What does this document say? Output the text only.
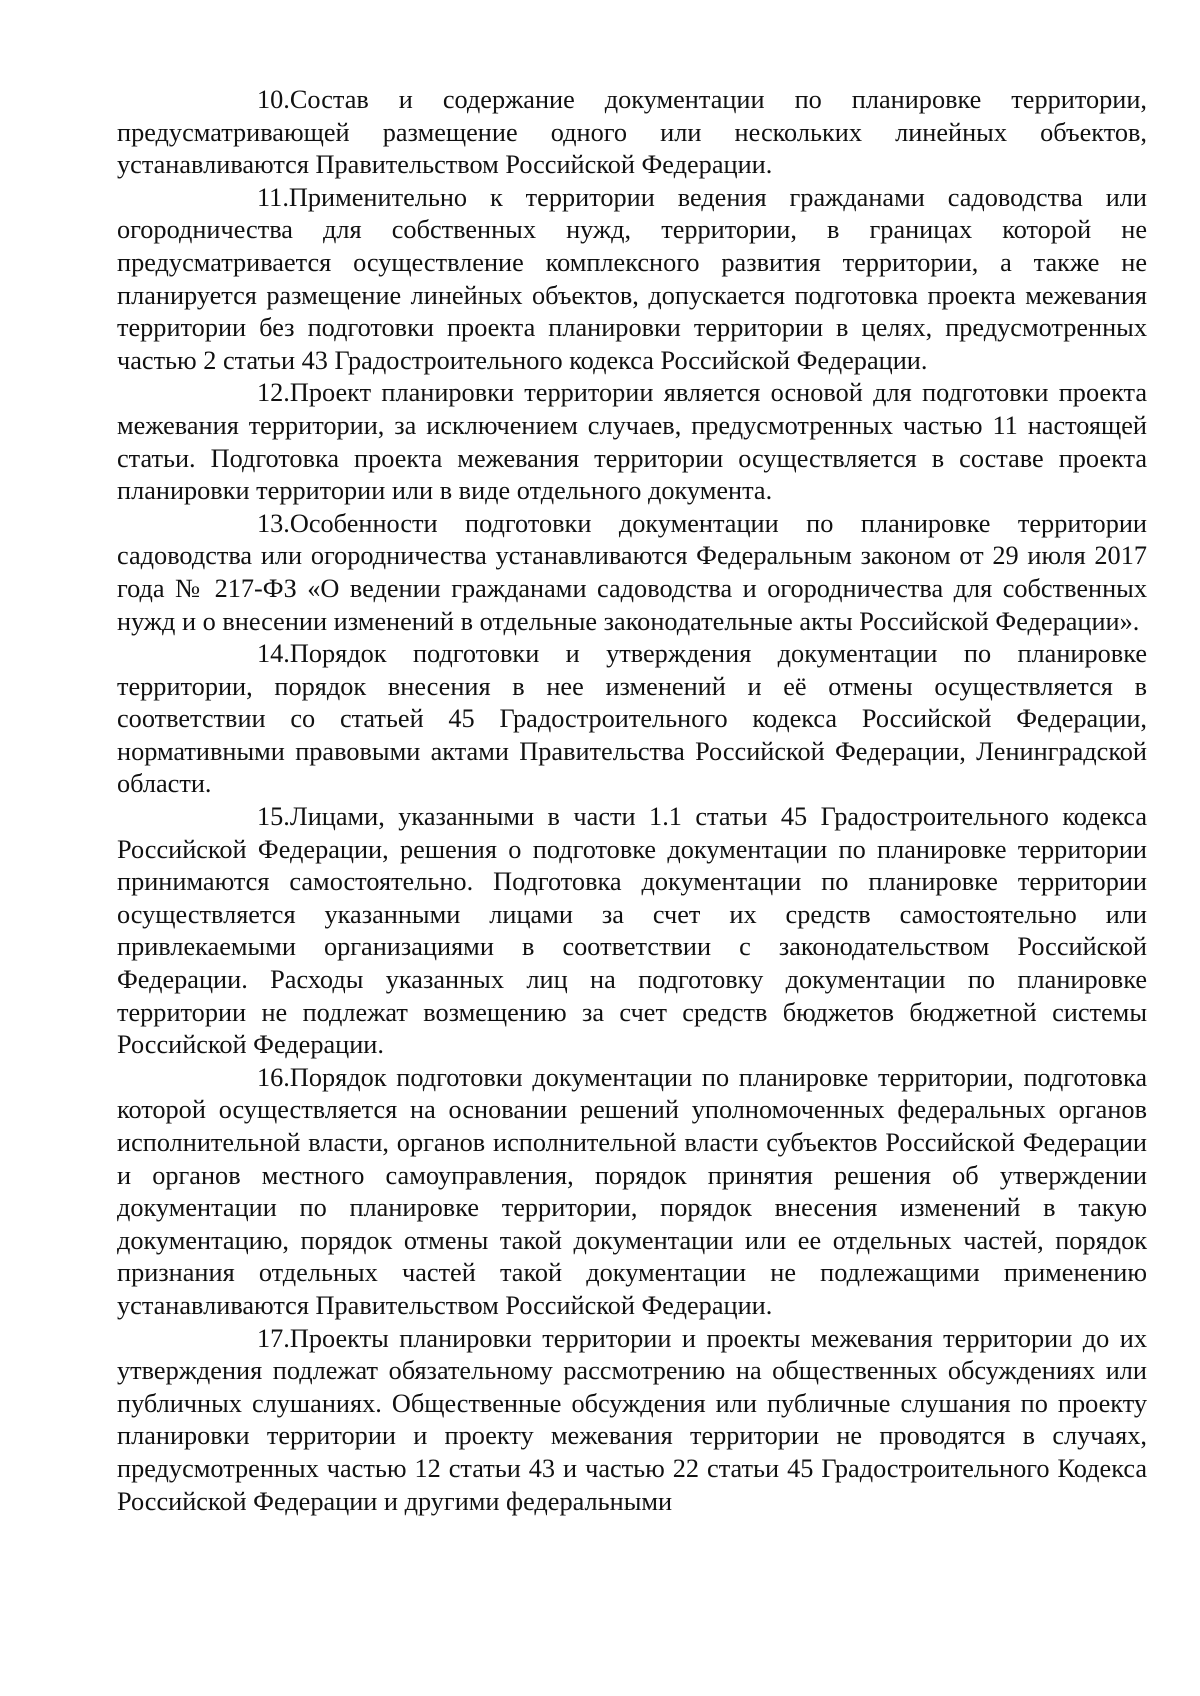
10.Состав и содержание документации по планировке территории, предусматривающей размещение одного или нескольких линейных объектов, устанавливаются Правительством Российской Федерации.

11.Применительно к территории ведения гражданами садоводства или огородничества для собственных нужд, территории, в границах которой не предусматривается осуществление комплексного развития территории, а также не планируется размещение линейных объектов, допускается подготовка проекта межевания территории без подготовки проекта планировки территории в целях, предусмотренных частью 2 статьи 43 Градостроительного кодекса Российской Федерации.

12.Проект планировки территории является основой для подготовки проекта межевания территории, за исключением случаев, предусмотренных частью 11 настоящей статьи. Подготовка проекта межевания территории осуществляется в составе проекта планировки территории или в виде отдельного документа.

13.Особенности подготовки документации по планировке территории садоводства или огородничества устанавливаются Федеральным законом от 29 июля 2017 года № 217-ФЗ «О ведении гражданами садоводства и огородничества для собственных нужд и о внесении изменений в отдельные законодательные акты Российской Федерации».

14.Порядок подготовки и утверждения документации по планировке территории, порядок внесения в нее изменений и её отмены осуществляется в соответствии со статьей 45 Градостроительного кодекса Российской Федерации, нормативными правовыми актами Правительства Российской Федерации, Ленинградской области.

15.Лицами, указанными в части 1.1 статьи 45 Градостроительного кодекса Российской Федерации, решения о подготовке документации по планировке территории принимаются самостоятельно. Подготовка документации по планировке территории осуществляется указанными лицами за счет их средств самостоятельно или привлекаемыми организациями в соответствии с законодательством Российской Федерации. Расходы указанных лиц на подготовку документации по планировке территории не подлежат возмещению за счет средств бюджетов бюджетной системы Российской Федерации.

16.Порядок подготовки документации по планировке территории, подготовка которой осуществляется на основании решений уполномоченных федеральных органов исполнительной власти, органов исполнительной власти субъектов Российской Федерации и органов местного самоуправления, порядок принятия решения об утверждении документации по планировке территории, порядок внесения изменений в такую документацию, порядок отмены такой документации или ее отдельных частей, порядок признания отдельных частей такой документации не подлежащими применению устанавливаются Правительством Российской Федерации.

17.Проекты планировки территории и проекты межевания территории до их утверждения подлежат обязательному рассмотрению на общественных обсуждениях или публичных слушаниях. Общественные обсуждения или публичные слушания по проекту планировки территории и проекту межевания территории не проводятся в случаях, предусмотренных частью 12 статьи 43 и частью 22 статьи 45 Градостроительного Кодекса Российской Федерации и другими федеральными
